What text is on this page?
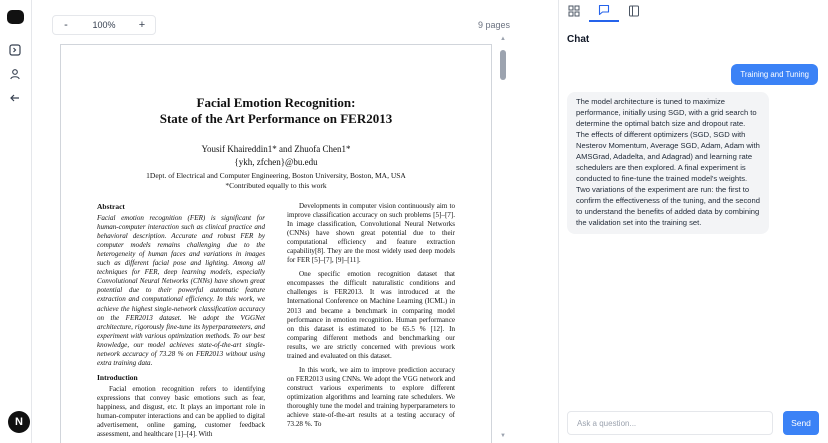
N
-	100%	+	9 pages
Facial Emotion Recognition:
State of the Art Performance on FER2013
Yousif Khaireddin1* and Zhuofa Chen1*
{ykh, zfchen}@bu.edu
1Dept. of Electrical and Computer Engineering, Boston University, Boston, MA, USA
*Contributed equally to this work
Abstract

Facial emotion recognition (FER) is significant for human-computer interaction such as clinical practice and behavioral description. Accurate and robust FER by computer models remains challenging due to the heterogeneity of human faces and variations in images such as different facial pose and lighting. Among all techniques for FER, deep learning models, especially Convolutional Neural Networks (CNNs) have shown great potential due to their powerful automatic feature extraction and computational efficiency. In this work, we achieve the highest single-network classification accuracy on the FER2013 dataset. We adopt the VGGNet architecture, rigorously fine-tune its hyperparameters, and experiment with various optimization methods. To our best knowledge, our model achieves state-of-the-art single-network accuracy of 73.28 % on FER2013 without using extra training data.

Introduction

Facial emotion recognition refers to identifying expressions that convey basic emotions such as fear, happiness, and disgust, etc. It plays an important role in human-computer interactions and can be applied to digital advertisement, online gaming, customer feedback assessment, and healthcare [1]–[4]. With

Developments in computer vision continuously aim to improve classification accuracy on such problems [5]–[7]. In image classification, Convolutional Neural Networks (CNNs) have shown great potential due to their computational efficiency and feature extraction capability[8]. They are the most widely used deep models for FER [5]–[7], [9]–[11].

One specific emotion recognition dataset that encompasses the difficult naturalistic conditions and challenges is FER2013. It was introduced at the International Conference on Machine Learning (ICML) in 2013 and became a benchmark in comparing model performance in emotion recognition. Human performance on this dataset is estimated to be 65.5 % [12]. In comparing different methods and benchmarking our results, we are strictly concerned with previous work trained and evaluated on this dataset.

In this work, we aim to improve prediction accuracy on FER2013 using CNNs. We adopt the VGG network and construct various experiments to explore different optimization algorithms and learning rate schedulers. We thoroughly tune the model and training hyperparameters to achieve state-of-the-art results at a testing accuracy of 73.28 %. To

▲
▼
Chat
Training and Tuning
The model architecture is tuned to maximize performance, initially using SGD, with a grid search to determine the optimal batch size and dropout rate. The effects of different optimizers (SGD, SGD with Nesterov Momentum, Average SGD, Adam, Adam with AMSGrad, Adadelta, and Adagrad) and learning rate schedulers are then explored. A final experiment is conducted to fine-tune the trained model's weights. Two variations of the experiment are run: the first to confirm the effectiveness of the tuning, and the second to understand the benefits of added data by combining the validation set into the training set.
Ask a question...
Send
